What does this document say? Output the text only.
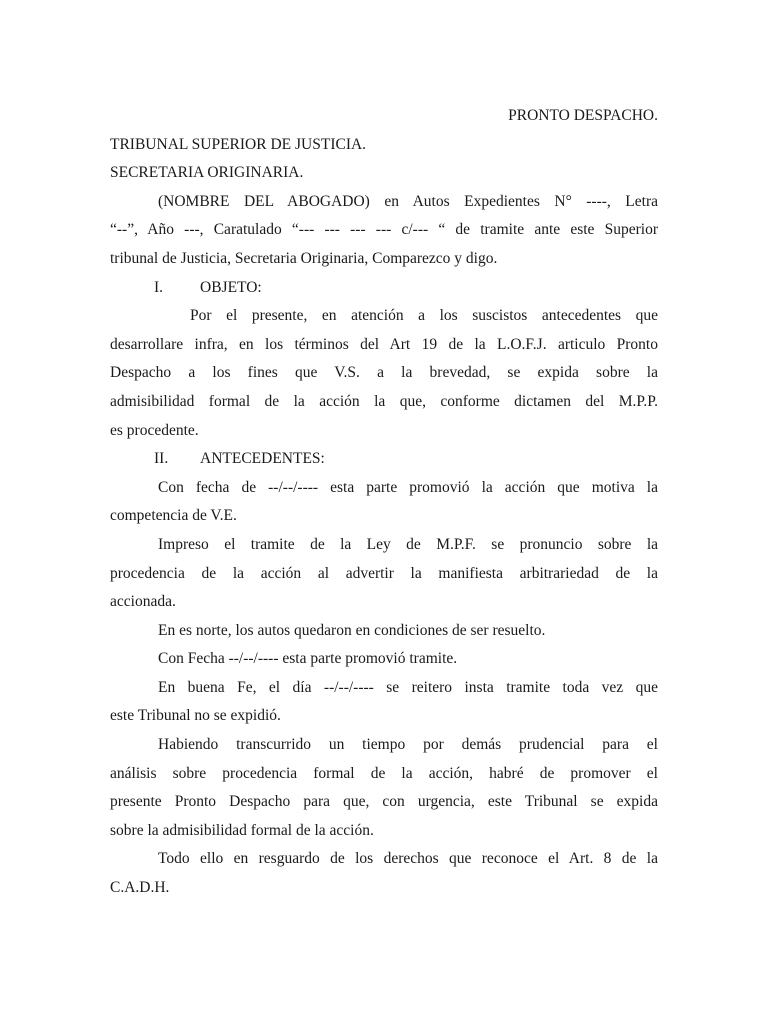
PRONTO DESPACHO.
TRIBUNAL SUPERIOR DE JUSTICIA.
SECRETARIA ORIGINARIA.
(NOMBRE DEL ABOGADO) en Autos Expedientes N° ----, Letra
“--”, Año ---, Caratulado “--- --- --- --- c/--- “ de tramite ante este Superior
tribunal de Justicia, Secretaria Originaria, Comparezco y digo.
I. OBJETO:
Por el presente, en atención a los suscistos antecedentes que
desarrollare infra, en los términos del Art 19 de la L.O.F.J. articulo Pronto
Despacho a los fines que V.S. a la brevedad, se expida sobre la
admisibilidad formal de la acción la que, conforme dictamen del M.P.P.
es procedente.
II. ANTECEDENTES:
Con fecha de --/--/---- esta parte promovió la acción que motiva la
competencia de V.E.
Impreso el tramite de la Ley de M.P.F. se pronuncio sobre la
procedencia de la acción al advertir la manifiesta arbitrariedad de la
accionada.
En es norte, los autos quedaron en condiciones de ser resuelto.
Con Fecha --/--/---- esta parte promovió tramite.
En buena Fe, el día --/--/---- se reitero insta tramite toda vez que
este Tribunal no se expidió.
Habiendo transcurrido un tiempo por demás prudencial para el
análisis sobre procedencia formal de la acción, habré de promover el
presente Pronto Despacho para que, con urgencia, este Tribunal se expida
sobre la admisibilidad formal de la acción.
Todo ello en resguardo de los derechos que reconoce el Art. 8 de la
C.A.D.H.
